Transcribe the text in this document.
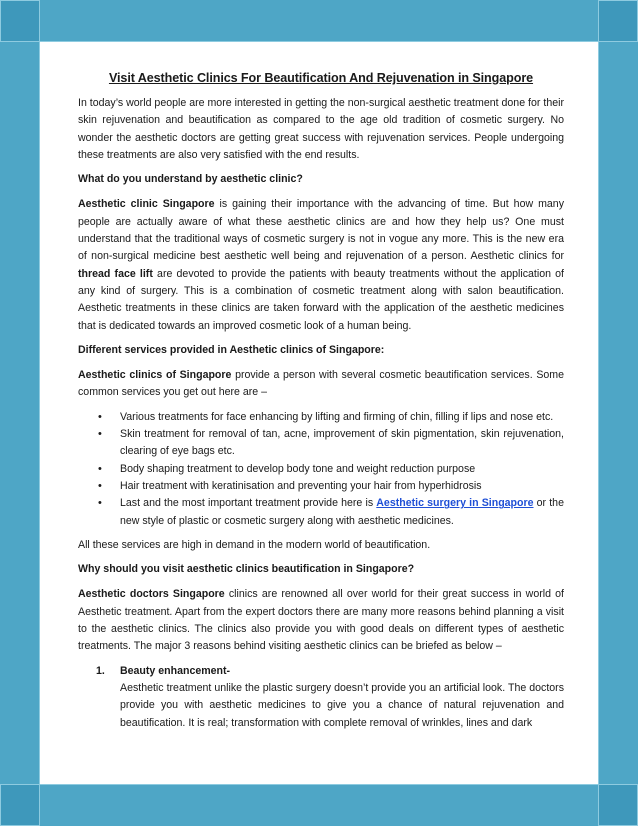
Visit Aesthetic Clinics For Beautification And Rejuvenation in Singapore

In today’s world people are more interested in getting the non-surgical aesthetic treatment done for their skin rejuvenation and beautification as compared to the age old tradition of cosmetic surgery. No wonder the aesthetic doctors are getting great success with rejuvenation services. People undergoing these treatments are also very satisfied with the end results.

What do you understand by aesthetic clinic?

Aesthetic clinic Singapore is gaining their importance with the advancing of time. But how many people are actually aware of what these aesthetic clinics are and how they help us? One must understand that the traditional ways of cosmetic surgery is not in vogue any more. This is the new era of non-surgical medicine best aesthetic well being and rejuvenation of a person. Aesthetic clinics for thread face lift are devoted to provide the patients with beauty treatments without the application of any kind of surgery. This is a combination of cosmetic treatment along with salon beautification. Aesthetic treatments in these clinics are taken forward with the application of the aesthetic medicines that is dedicated towards an improved cosmetic look of a human being.

Different services provided in Aesthetic clinics of Singapore:

Aesthetic clinics of Singapore provide a person with several cosmetic beautification services. Some common services you get out here are –

• Various treatments for face enhancing by lifting and firming of chin, filling if lips and nose etc.
• Skin treatment for removal of tan, acne, improvement of skin pigmentation, skin rejuvenation, clearing of eye bags etc.
• Body shaping treatment to develop body tone and weight reduction purpose
• Hair treatment with keratinisation and preventing your hair from hyperhidrosis
• Last and the most important treatment provide here is Aesthetic surgery in Singapore or the new style of plastic or cosmetic surgery along with aesthetic medicines.

All these services are high in demand in the modern world of beautification.

Why should you visit aesthetic clinics beautification in Singapore?

Aesthetic doctors Singapore clinics are renowned all over world for their great success in world of Aesthetic treatment. Apart from the expert doctors there are many more reasons behind planning a visit to the aesthetic clinics. The clinics also provide you with good deals on different types of aesthetic treatments. The major 3 reasons behind visiting aesthetic clinics can be briefed as below –

1. Beauty enhancement-
Aesthetic treatment unlike the plastic surgery doesn’t provide you an artificial look. The doctors provide you with aesthetic medicines to give you a chance of natural rejuvenation and beautification. It is real; transformation with complete removal of wrinkles, lines and dark
